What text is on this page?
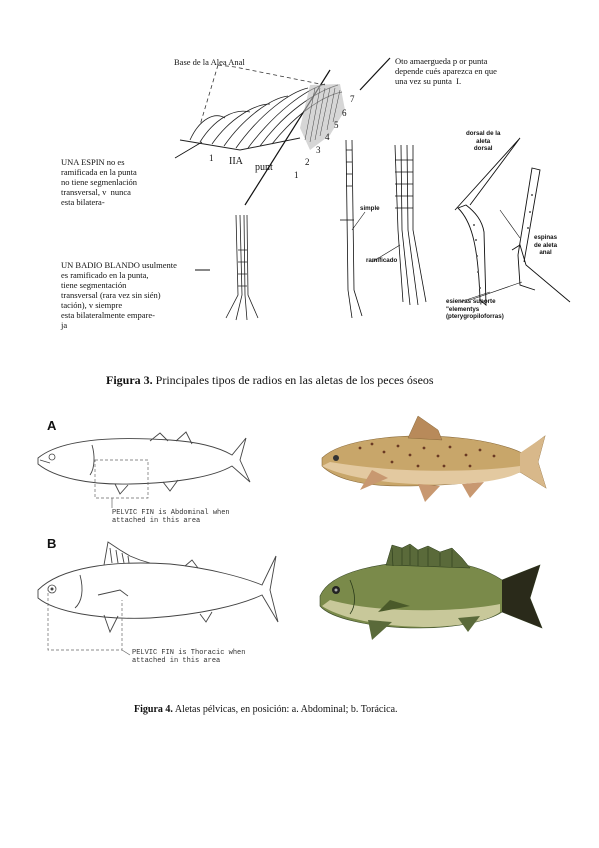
Base de la Alea Anal	Oto amaergueda p or punta
depende cués aparezca en que
una vez su punta  I.
UNA ESPIN no es
ramificada en la punta
no tiene segmenlación
transversal, v  nunca
esta bilatera-
UN BADIO BLANDO usulmente
es ramificado en la punta,
tiene segmentación
transversal (rara vez sin sién)
tación), v siempre
esta bilateralmente empare-
ja
1 IIA
punt
1
2
3
4
5
6
7
simple
ramificado
dorsal de la
aleta
dorsal
espinas
de aleta
anal
esienras suporte
"elementys
(pterygropiloforras)
Figura 3. Principales tipos de radios en las aletas de los peces óseos
A
B
PELVIC FIN is Abdominal when
attached in this area
PELVIC FIN is Thoracic when
attached in this area
Figura 4. Aletas pélvicas, en posición: a. Abdominal; b. Torácica.
